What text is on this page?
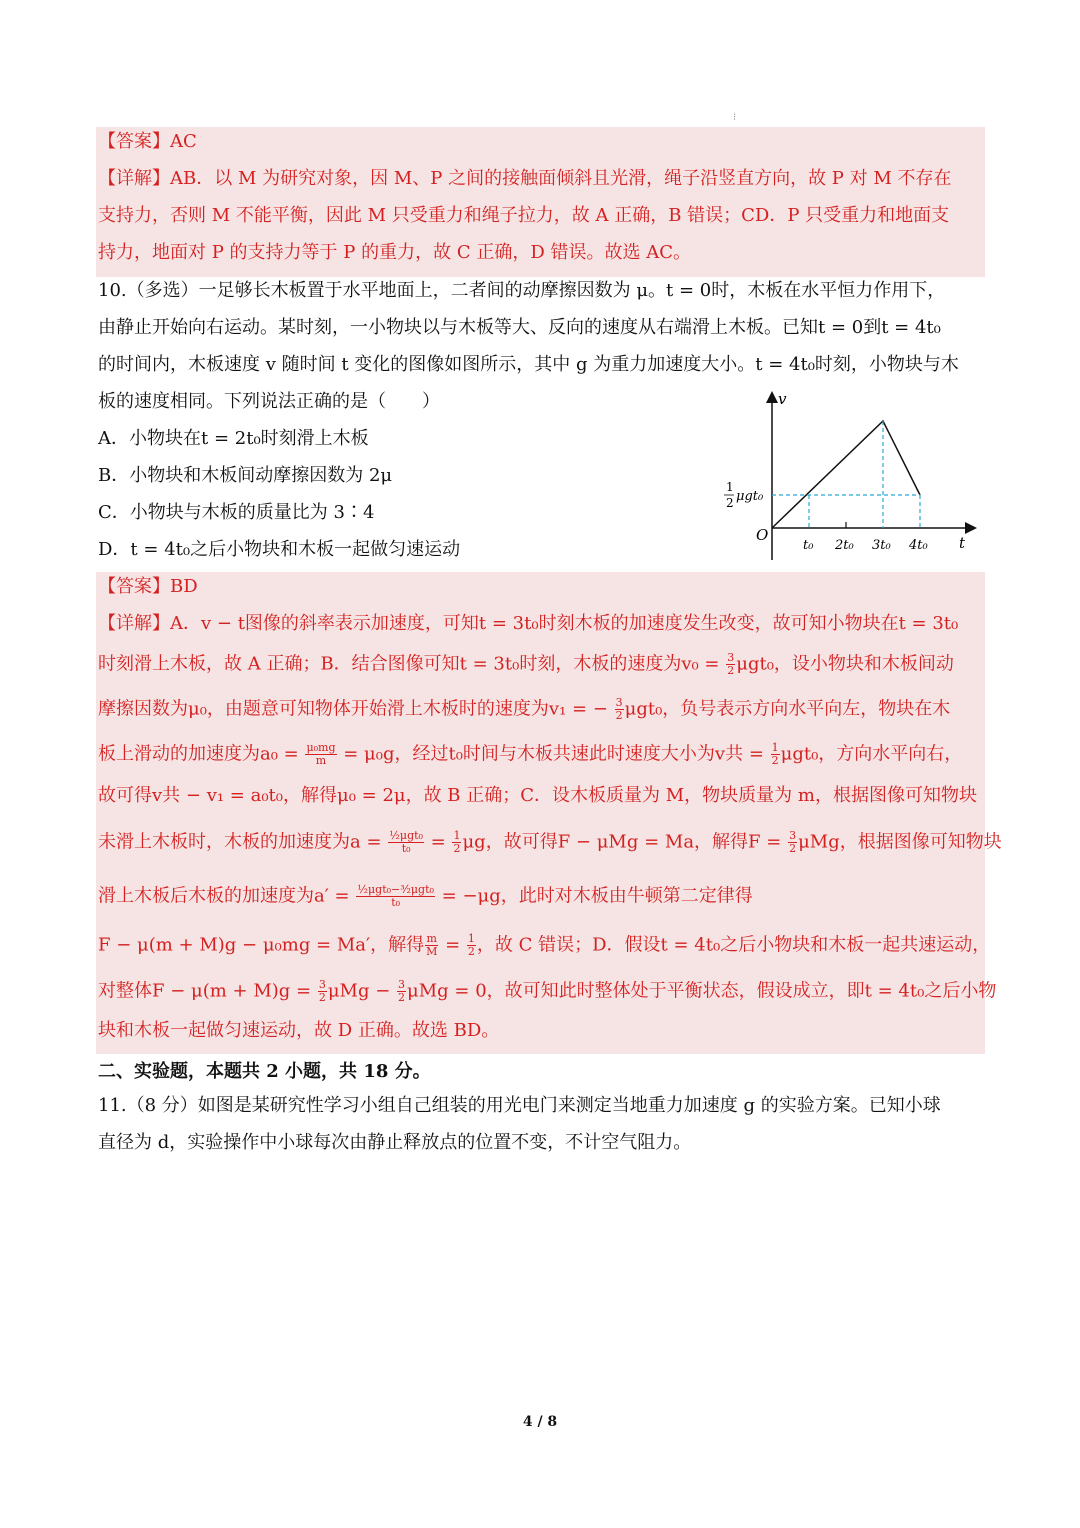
⁝
【答案】AC
【详解】AB．以 M 为研究对象，因 M、P 之间的接触面倾斜且光滑，绳子沿竖直方向，故 P 对 M 不存在
支持力，否则 M 不能平衡，因此 M 只受重力和绳子拉力，故 A 正确，B 错误；CD．P 只受重力和地面支
持力，地面对 P 的支持力等于 P 的重力，故 C 正确，D 错误。故选 AC。
10.（多选）一足够长木板置于水平地面上，二者间的动摩擦因数为 μ。t = 0时，木板在水平恒力作用下，
由静止开始向右运动。某时刻，一小物块以与木板等大、反向的速度从右端滑上木板。已知t = 0到t = 4t₀
的时间内，木板速度 v 随时间 t 变化的图像如图所示，其中 g 为重力加速度大小。t = 4t₀时刻，小物块与木
板的速度相同。下列说法正确的是（　　）
A．小物块在t = 2t₀时刻滑上木板
B．小物块和木板间动摩擦因数为 2μ
C．小物块与木板的质量比为 3∶4
D．t = 4t₀之后小物块和木板一起做匀速运动
v
t
O
1
2 μgt₀
t₀ 2t₀ 3t₀ 4t₀
【答案】BD
【详解】A．v − t图像的斜率表示加速度，可知t = 3t₀时刻木板的加速度发生改变，故可知小物块在t = 3t₀
时刻滑上木板，故 A 正确；B．结合图像可知t = 3t₀时刻，木板的速度为$v_0 = \frac{3}{2} \mu gt_0$，设小物块和木板间动
摩擦因数为μ₀，由题意可知物体开始滑上木板时的速度为v₁ = − $\frac{3}{2} \mu gt_0$，负号表示方向水平向左，物块在木
板上滑动的加速度为$a_0 = \frac{\text{μ₀mg}}{m} = \mu_0g$，经过t₀时间与木板共速此时速度大小为v共 = $\frac{1}{2} \mu gt_0$，方向水平向右，
故可得v共 − v₁ = a₀t₀，解得μ₀ = 2μ，故 B 正确；C．设木板质量为 M，物块质量为 m，根据图像可知物块
未滑上木板时，木板的加速度为$a = \frac{\text{½μgt₀}}{\text{t₀}} = \frac{1}{2}$ μg，故可得F − μMg = Ma，解得$F = \frac{3}{2}$ μMg，根据图像可知物块
滑上木板后木板的加速度为$a' = \frac{\text{½μgt₀−³⁄₂μgt₀}}{\text{t₀}} = -\mu g$，此时对木板由牛顿第二定律得
F − μ(m + M)g − μ₀mg = Ma′，解得 $\frac{m}{M} = \frac{1}{2}$ ，故 C 错误；D．假设t = 4t₀之后小物块和木板一起共速运动，
对整体$F - \mu(m + M)g = \frac{3}{2}$ $\mu Mg - \frac{3}{2}$ μMg = 0，故可知此时整体处于平衡状态，假设成立，即t = 4t₀之后小物
块和木板一起做匀速运动，故 D 正确。故选 BD。
二、实验题，本题共 2 小题，共 18 分。
11.（8 分）如图是某研究性学习小组自己组装的用光电门来测定当地重力加速度 g 的实验方案。已知小球
直径为 d，实验操作中小球每次由静止释放点的位置不变，不计空气阻力。
4 / 8
